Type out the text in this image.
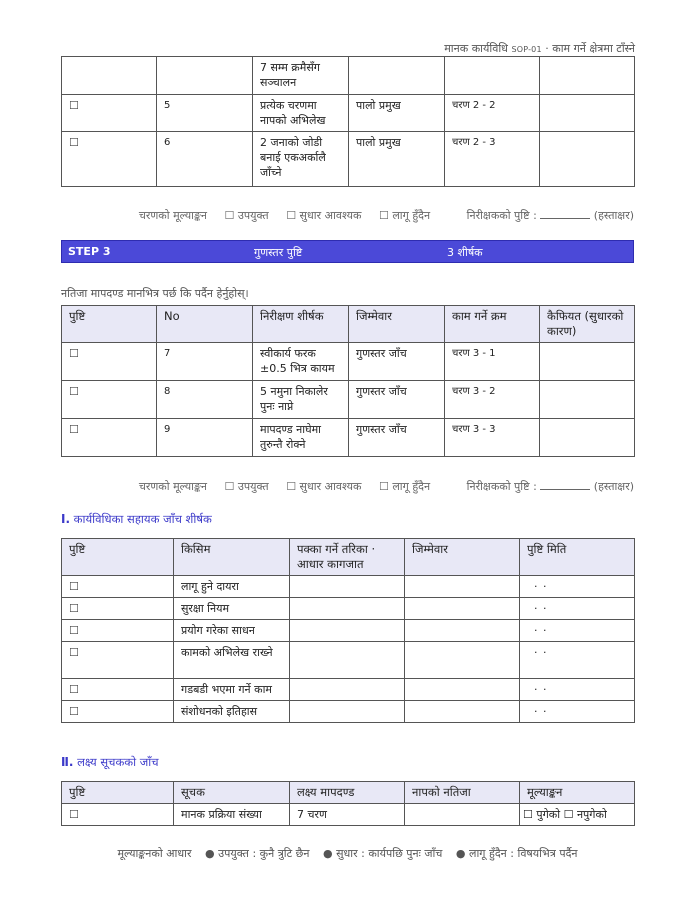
मानक कार्यविधि SOP-01 · काम गर्ने क्षेत्रमा टाँस्ने
		7 सम्म क्रमैसँग सञ्चालन			
☐	5	प्रत्येक चरणमा नापको अभिलेख	पालो प्रमुख	चरण 2 - 2	
☐	6	2 जनाको जोडी बनाई एकअर्कालै जाँच्ने	पालो प्रमुख	चरण 2 - 3	
चरणको मूल्याङ्कन ☐ उपयुक्त ☐ सुधार आवश्यक ☐ लागू हुँदैन	निरीक्षकको पुष्टि :	(हस्ताक्षर)
STEP 3	गुणस्तर पुष्टि	3 शीर्षक
नतिजा मापदण्ड मानभित्र पर्छ कि पर्दैन हेर्नुहोस्।
पुष्टि	No	निरीक्षण शीर्षक	जिम्मेवार	काम गर्ने क्रम	कैफियत (सुधारको कारण)
☐	7	स्वीकार्य फरक ±0.5 भित्र कायम	गुणस्तर जाँच	चरण 3 - 1	
☐	8	5 नमुना निकालेर पुनः नाप्ने	गुणस्तर जाँच	चरण 3 - 2	
☐	9	मापदण्ड नाघेमा तुरुन्तै रोक्ने	गुणस्तर जाँच	चरण 3 - 3	
चरणको मूल्याङ्कन ☐ उपयुक्त ☐ सुधार आवश्यक ☐ लागू हुँदैन	निरीक्षकको पुष्टि :	(हस्ताक्षर)
Ⅰ. कार्यविधिका सहायक जाँच शीर्षक
पुष्टि	किसिम	पक्का गर्ने तरिका · आधार कागजात	जिम्मेवार	पुष्टि मिति
☐	लागू हुने दायरा			· ·
☐	सुरक्षा नियम			· ·
☐	प्रयोग गरेका साधन			· ·
☐	कामको अभिलेख राख्ने			· ·
☐	गडबडी भएमा गर्ने काम			· ·
☐	संशोधनको इतिहास			· ·
Ⅱ. लक्ष्य सूचकको जाँच
पुष्टि	सूचक	लक्ष्य मापदण्ड	नापको नतिजा	मूल्याङ्कन
☐	मानक प्रक्रिया संख्या	7 चरण		☐ पुगेको ☐ नपुगेको
मूल्याङ्कनको आधार ● उपयुक्त : कुनै त्रुटि छैन ● सुधार : कार्यपछि पुनः जाँच ● लागू हुँदैन : विषयभित्र पर्दैन
